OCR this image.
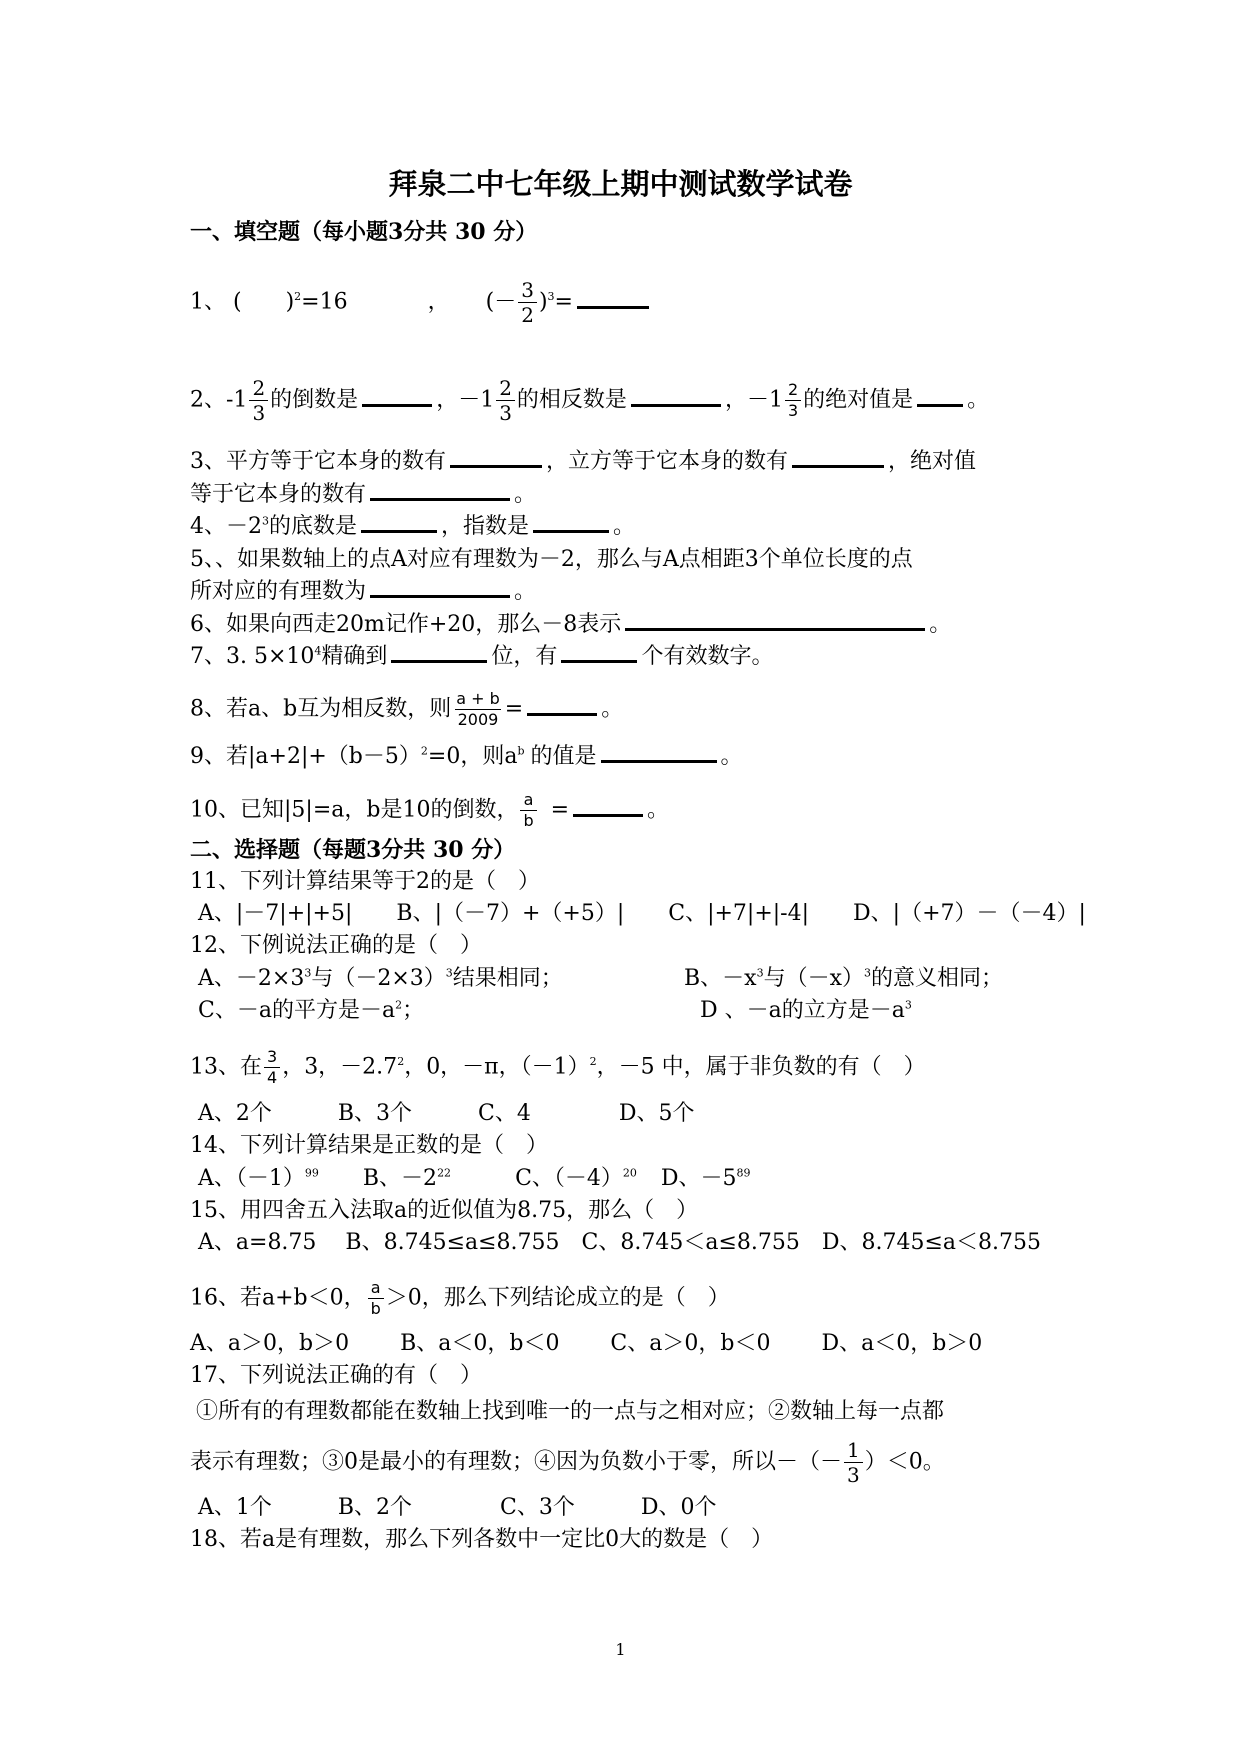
拜泉二中七年级上期中测试数学试卷
一、填空题（每小题3分共 30 分）
1、 ( )$^2$=16	， (－ $\frac{3}{2} )^3=$
2、$-1 \frac{2}{3}$ 的倒数是	，$-1 \frac{2}{3}$ 的相反数是	，$-1 \frac{2}{3}$ 的绝对值是 。
3、平方等于它本身的数有	，立方等于它本身的数有	，绝对值
等于它本身的数有	。
4、$-2^3$的底数是	，指数是	。
5、、如果数轴上的点A对应有理数为－2，那么与A点相距3个单位长度的点
所对应的有理数为	。
6、如果向西走20m记作+20，那么－8表示	。
7、3. $5\times 10^4$精确到	位，有	个有效数字。
8、若a、b互为相反数，则 $\frac{a + b}{2009}$ =	。
9、若$|a+2|+(b-5)^2=0$，则$a^b$ 的值是	。
10、已知|5|=a，b是10的倒数， $\frac{a}{b}$ =	。
二、选择题（每题3分共 30 分）
11、下列计算结果等于2的是（　）
A、|－7|+|+5|　　B、|（－7）+（+5）|　　C、|+7|+|-4|　　D、|（+7）－（－4）|
12、下例说法正确的是（　）
A、$-2\times 3^3$与$(-2\times 3)^3$结果相同；	B、$-x^3$与$(-x)^3$的意义相同；
C、－a的平方是$-a^2$；	D 、－a的立方是$-a^3$
13、在 $\frac{3}{4}$ ，3，$-2.7^2$，0，－π，$(-1)^2$，－5 中，属于非负数的有（　）
A、2个　　　B、3个　　　C、4　　　　D、5个
14、下列计算结果是正数的是（　）
A、$(-1)^{99}$ B、$-2^{22}$	C、$(-4)^{20}$ D、$-5^{89}$
15、用四舍五入法取a的近似值为8.75，那么（　）
A、a=8.75　 B、8.745≤a≤8.755　C、8.745＜a≤8.755　D、8.745≤a＜8.755
16、若a+b＜0， $\frac{a}{b} >0$，那么下列结论成立的是（　）
A、a＞0，b＞0　　 B、a＜0，b＜0　　 C、a＞0，b＜0　　 D、a＜0，b＞0
17、下列说法正确的有（　）
①所有的有理数都能在数轴上找到唯一的一点与之相对应；②数轴上每一点都
表示有理数；③0是最小的有理数；④因为负数小于零，所以－（－ $\frac{1}{3} )<0$。
A、1个　　　B、2个　　　　C、3个　　　D、0个
18、若a是有理数，那么下列各数中一定比0大的数是（　）
1
